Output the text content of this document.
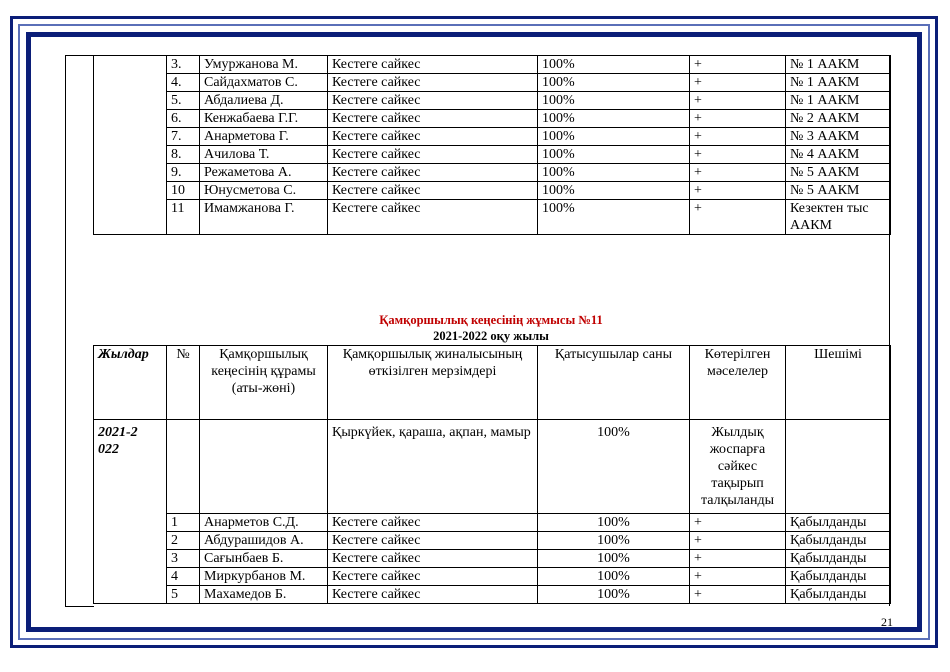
	3.	Умуржанова М.	Кестеге сайкес	100%	+	№ 1 ААКМ
	4.	Сайдахматов С.	Кестеге сайкес	100%	+	№ 1 ААКМ
	5.	Абдалиева Д.	Кестеге сайкес	100%	+	№ 1 ААКМ
	6.	Кенжабаева Г.Г.	Кестеге сайкес	100%	+	№ 2 ААКМ
	7.	Анарметова Г.	Кестеге сайкес	100%	+	№ 3 ААКМ
	8.	Ачилова Т.	Кестеге сайкес	100%	+	№ 4 ААКМ
	9.	Режаметова А.	Кестеге сайкес	100%	+	№ 5 ААКМ
	10	Юнусметова С.	Кестеге сайкес	100%	+	№ 5 ААКМ
	11	Имамжанова Г.	Кестеге сайкес	100%	+	Кезектен тыс
ААКМ
Қамқоршылық кеңесінің жұмысы №11
2021-2022 оқу жылы
Жылдар	№	Қамқоршылық кеңесінің құрамы (аты-жөні)	Қамқоршылық жиналысының өткізілген мерзімдері	Қатысушылар саны	Көтерілген мәселелер	Шешімі

2021-2022			Қыркүйек, қараша, ақпан, мамыр	100%	Жылдық жоспарға сәйкес тақырып талқыланды	
	1	Анарметов С.Д.	Кестеге сайкес	100%	+	Қабылданды
	2	Абдурашидов А.	Кестеге сайкес	100%	+	Қабылданды
	3	Сағынбаев Б.	Кестеге сайкес	100%	+	Қабылданды
	4	Миркурбанов М.	Кестеге сайкес	100%	+	Қабылданды
	5	Махамедов Б.	Кестеге сайкес	100%	+	Қабылданды
21
